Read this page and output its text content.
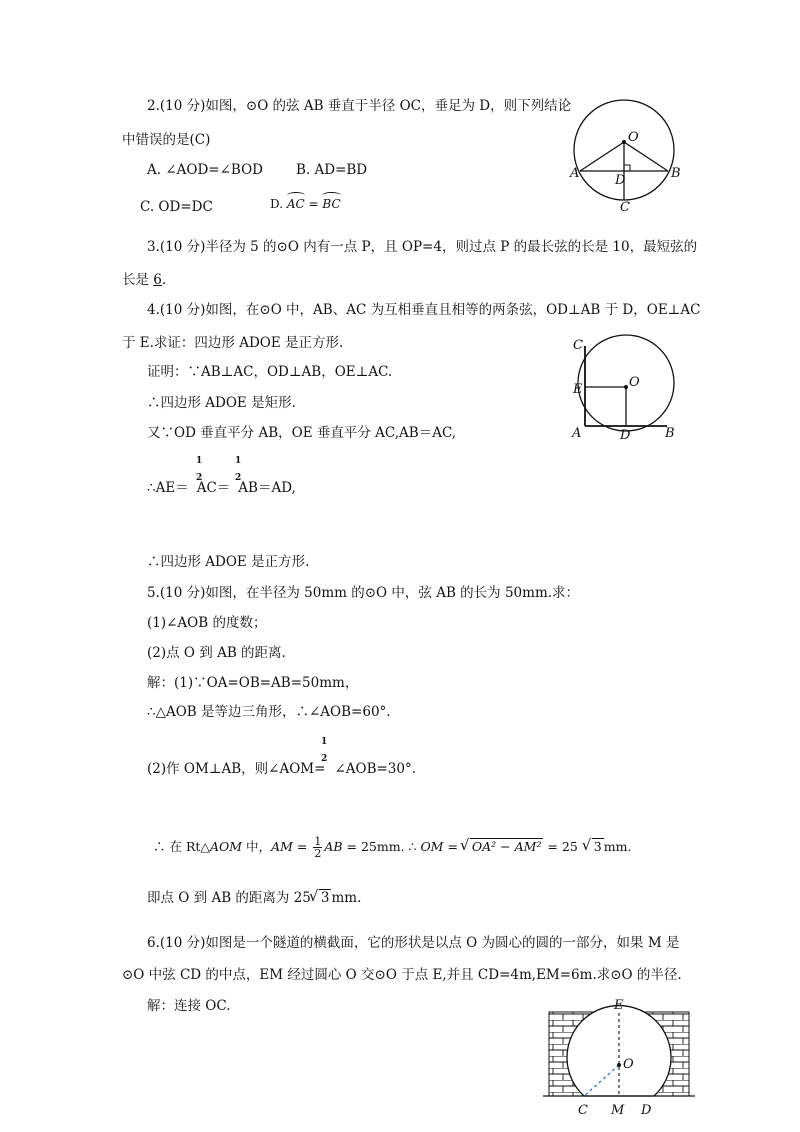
2.(10 分)如图，⊙O 的弦 AB 垂直于半径 OC，垂足为 D，则下列结论
中错误的是(C)
A. ∠AOD=∠BOD B. AD=BD
C. OD=DC	D. AC = BC
O
A	B
D
C
3.(10 分)半径为 5 的⊙O 内有一点 P，且 OP=4，则过点 P 的最长弦的长是 10，最短弦的
长是 6.
4.(10 分)如图，在⊙O 中，AB、AC 为互相垂直且相等的两条弦，OD⊥AB 于 D，OE⊥AC
于 E.求证：四边形 ADOE 是正方形.
证明：∵AB⊥AC，OD⊥AB，OE⊥AC.
∴四边形 ADOE 是矩形.
又∵OD 垂直平分 AB，OE 垂直平分 AC,AB＝AC,
1
2
1
2
∴AE＝ AC＝ AB＝AD,
∴四边形 ADOE 是正方形.
C
E	O
A	D	B
5.(10 分)如图，在半径为 50mm 的⊙O 中，弦 AB 的长为 50mm.求：
(1)∠AOB 的度数；
(2)点 O 到 AB 的距离.
解：(1)∵OA=OB=AB=50mm，
∴△AOB 是等边三角形，∴∠AOB=60°.
1
2
(2)作 OM⊥AB，则∠AOM= ∠AOB=30°.
∴ 在 Rt△AOM 中，AM = $\frac{1}{2}$ AB = 25mm. ∴ OM = √ OA² − AM² = 25 √ 3 mm.
即点 O 到 AB 的距离为 25 √ 3 mm.
6.(10 分)如图是一个隧道的横截面，它的形状是以点 O 为圆心的圆的一部分，如果 M 是
⊙O 中弦 CD 的中点，EM 经过圆心 O 交⊙O 于点 E,并且 CD=4m,EM=6m.求⊙O 的半径.
解：连接 OC.	E
O
C M D
